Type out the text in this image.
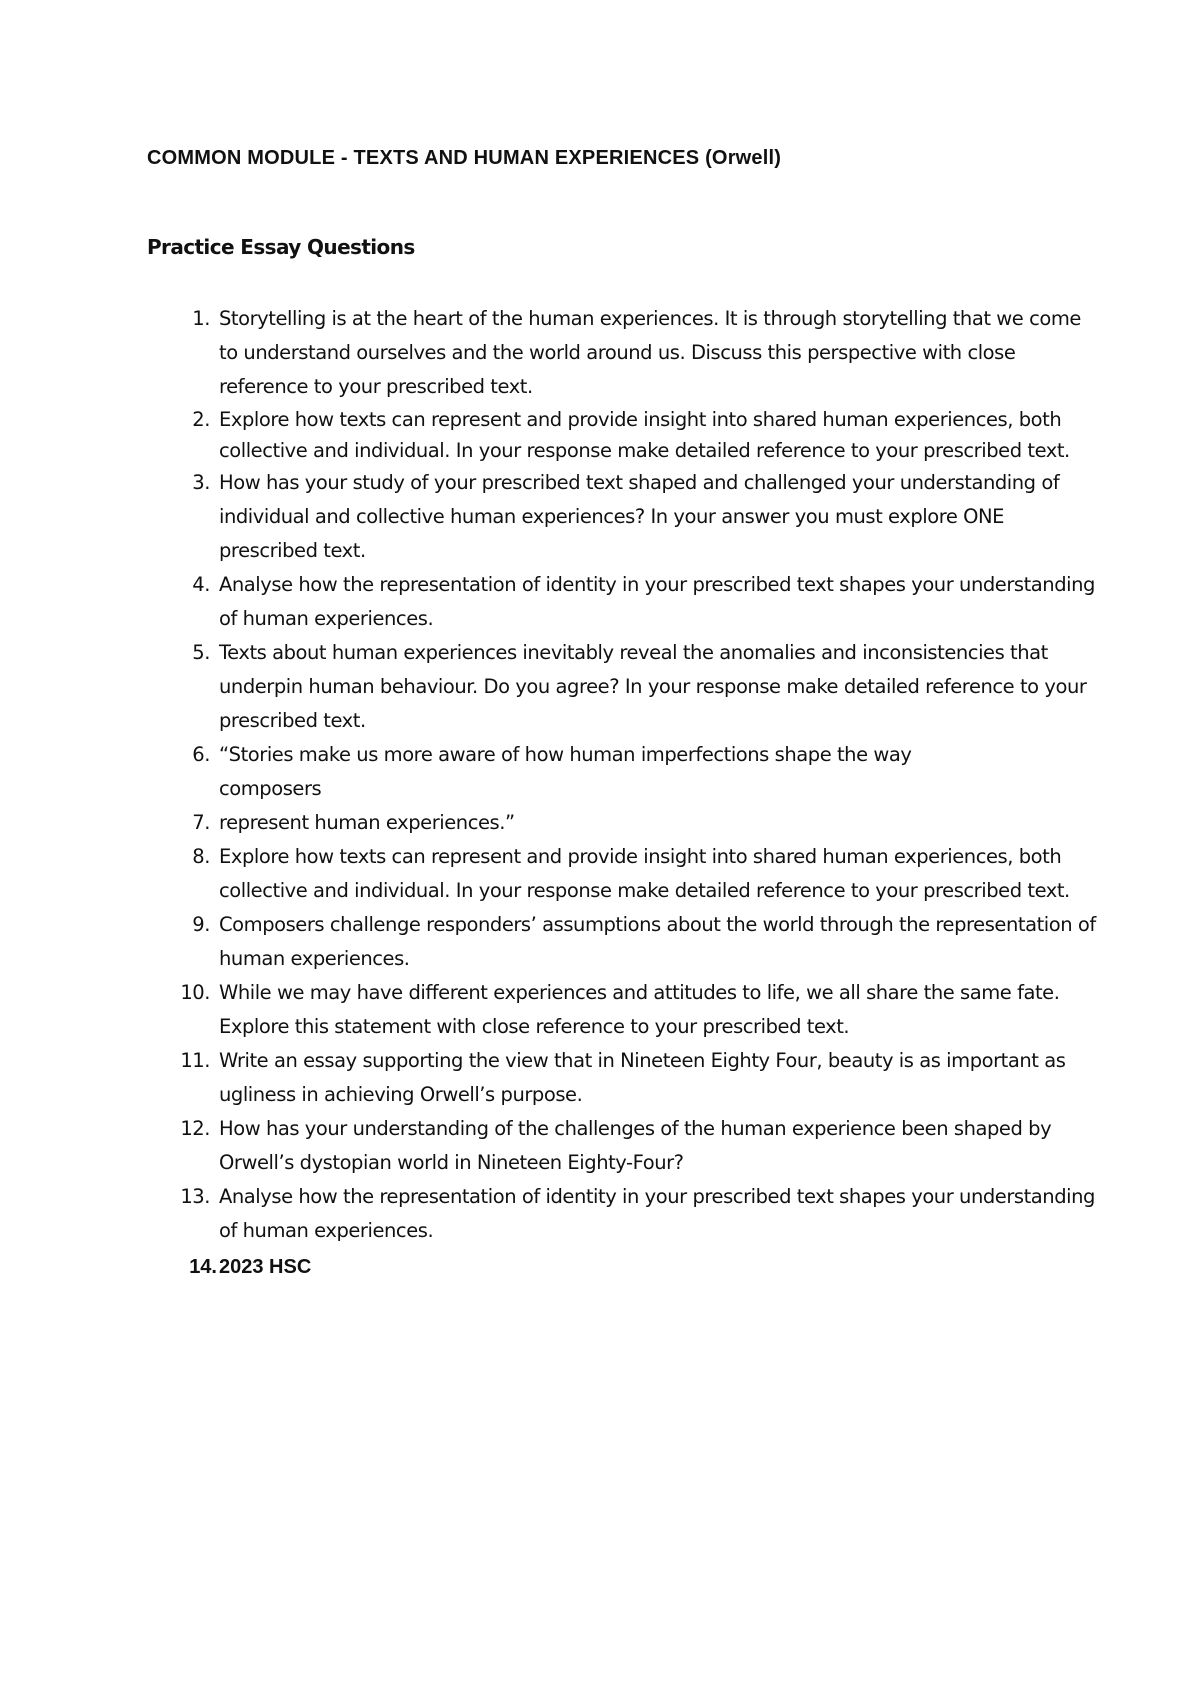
COMMON MODULE - TEXTS AND HUMAN EXPERIENCES (Orwell)
Practice Essay Questions
1. Storytelling is at the heart of the human experiences. It is through storytelling that we come to understand ourselves and the world around us. Discuss this perspective with close reference to your prescribed text.
2. Explore how texts can represent and provide insight into shared human experiences, both collective and individual. In your response make detailed reference to your prescribed text.
3. How has your study of your prescribed text shaped and challenged your understanding of individual and collective human experiences? In your answer you must explore ONE prescribed text.
4. Analyse how the representation of identity in your prescribed text shapes your understanding of human experiences.
5. Texts about human experiences inevitably reveal the anomalies and inconsistencies that underpin human behaviour. Do you agree? In your response make detailed reference to your prescribed text.
6. “Stories make us more aware of how human imperfections shape the way composers
7. represent human experiences.”
8. Explore how texts can represent and provide insight into shared human experiences, both collective and individual. In your response make detailed reference to your prescribed text.
9. Composers challenge responders’ assumptions about the world through the representation of human experiences.
10. While we may have different experiences and attitudes to life, we all share the same fate. Explore this statement with close reference to your prescribed text.
11. Write an essay supporting the view that in Nineteen Eighty Four, beauty is as important as ugliness in achieving Orwell’s purpose.
12. How has your understanding of the challenges of the human experience been shaped by Orwell’s dystopian world in Nineteen Eighty-Four?
13. Analyse how the representation of identity in your prescribed text shapes your understanding of human experiences.
14. 2023 HSC
